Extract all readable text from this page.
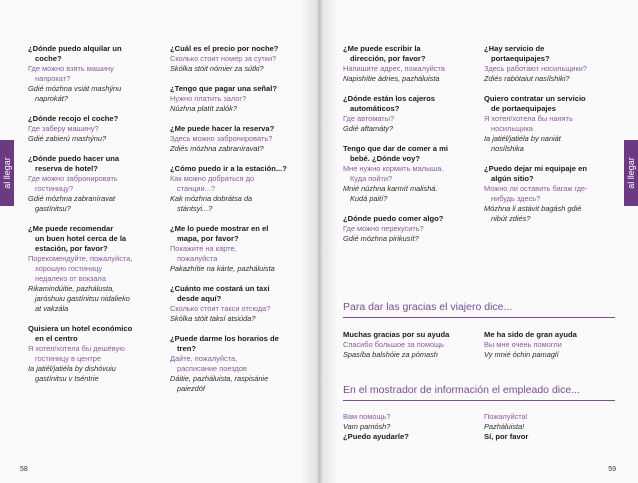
al llegar
¿Dónde puedo alquilar un
coche?
Где можно взять машину
напрокат?
Gdié mózhna vsiát mashýnu
naprokát?
¿Dónde recojo el coche?
Где заберу машину?
Gdié zabierú mashýnu?
¿Dónde puedo hacer una
reserva de hotel?
Где можно забронировать
гостиницу?
Gdié mózhna zabraníravat
gastínitsu?
¿Me puede recomendar
un buen hotel cerca de la
estación, por favor?
Порекомендуйте, пожалуйста,
хорошую гостиницу
недалеко от вокзала
Rikamindúitie, pazhálusta,
jaróshuiu gastínitsu nidalieko
at vakzála
Quisiera un hotel económico
en el centro
Я хотел/хотела бы дешёвую
гостиницу в центре
Ia jatiél/jatiéla by dishóvuiu
gastínitsu v tséntrie
¿Cuál es el precio por noche?
Сколько стоит номер за сутки?
Skólka stóit nómier za sútki?
¿Tengo que pagar una señal?
Нужно платить залог?
Núzhna platít zalók?
¿Me puede hacer la reserva?
Здесь можно забронировать?
Zdiés mózhna zabraníravat?
¿Cómo puedo ir a la estación...?
Как можно добраться до
станции...?
Kak mózhna dobrátsa da
stántsyi...?
¿Me lo puede mostrar en el
mapa, por favor?
Покажите на карте,
пожалуйста
Pakazhítie na kárte, pazháluista
¿Cuánto me costará un taxi
desde aquí?
Сколько стоит такси отсюда?
Skólka stóit taksí atsiúda?
¿Puede darme los horarios de
tren?
Дайте, пожалуйста,
расписание поездов
Dáitie, pazháluista, raspisánie
paiezdóf
58
al llegar
¿Me puede escribir la
dirección, por favor?
Напишите адрес, пожалуйста
Napishítie ádries, pazháluista
¿Dónde están los cajeros
automáticos?
Где автоматы?
Gdié aftamáty?
Tengo que dar de comer a mi
bebé. ¿Dónde voy?
Мне нужно кормить малыша.
Куда пойти?
Mnié núzhna karmít malishá.
Kudá paití?
¿Dónde puedo comer algo?
Где можно перекусить?
Gdié mózhna pirikusít?
¿Hay servicio de
portaequipajes?
Здесь работают носильщики?
Zdiés rabótaiut nasílshiki?
Quiero contratar un servicio
de portaequipajes
Я хотел/хотела бы нанять
носильщика
Ia jatiél/jatiéla by naniát
nosílshika
¿Puedo dejar mi equipaje en
algún sitio?
Можно ли оставить багаж где-
нибудь здесь?
Mózhna li astávit bagásh gdié
nibút zdiés?
Para dar las gracias el viajero dice...
Muchas gracias por su ayuda
Спасибо большое за помощь
Spasíba balshóie za pómash
Me ha sido de gran ayuda
Вы мне очень помогли
Vy mnié óchin pamaglí
En el mostrador de información el empleado dice...
Вам помощь?
Vam pamósh?
¿Puedo ayudarle?
Пожалуйста!
Pazháluista!
Sí, por favor
59
